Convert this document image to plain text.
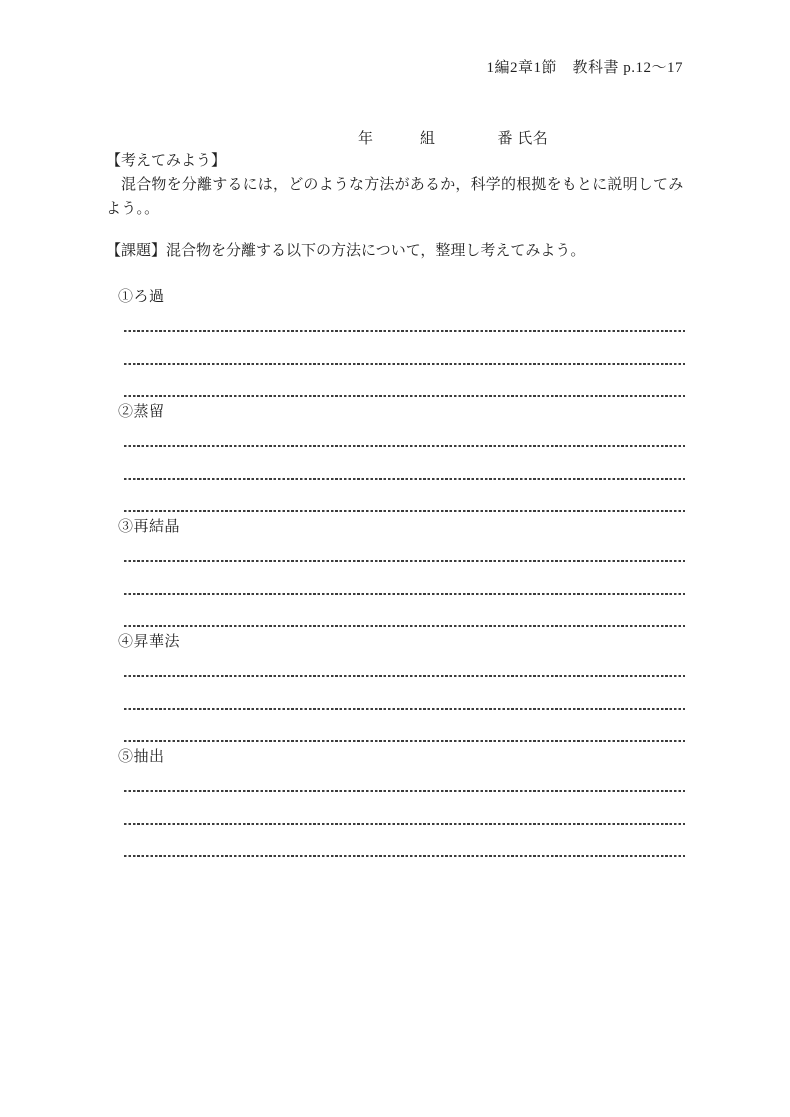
1編2章1節　教科書 p.12～17
年　　　組　　　　番 氏名
【考えてみよう】
混合物を分離するには，どのような方法があるか，科学的根拠をもとに説明してみよう。。
【課題】混合物を分離する以下の方法について，整理し考えてみよう。
①ろ過
②蒸留
③再結晶
④昇華法
⑤抽出
